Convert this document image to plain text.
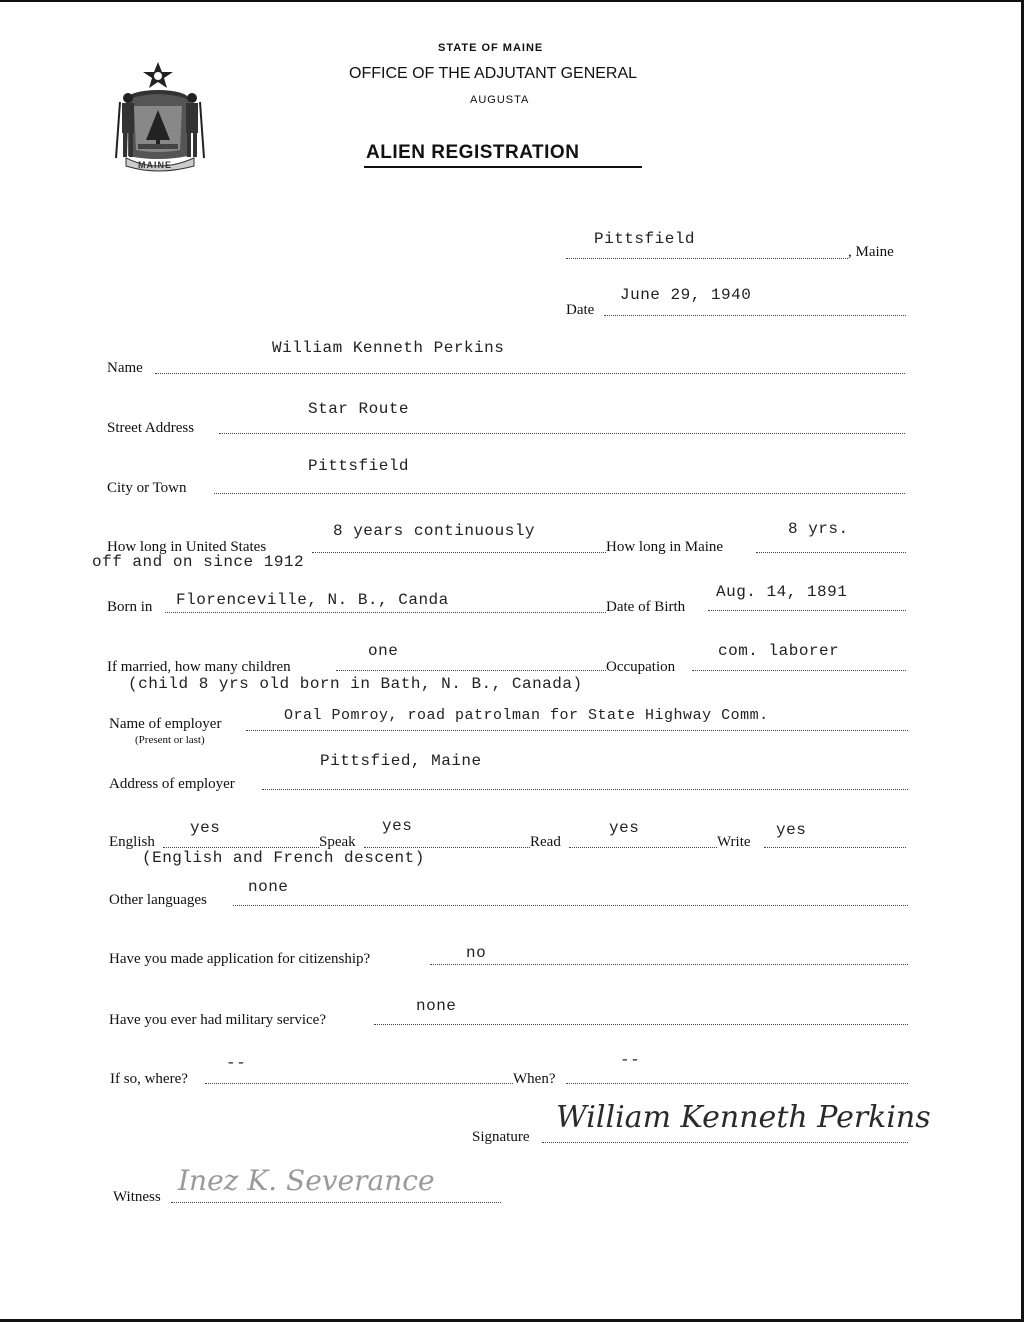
MAINE
STATE OF MAINE
OFFICE OF THE ADJUTANT GENERAL
AUGUSTA
ALIEN REGISTRATION
Pittsfield
, Maine
Date
June 29, 1940
William Kenneth Perkins
Name
Star Route
Street Address
Pittsfield
City or Town
8 years continuously
How long in United States
off and on since 1912
How long in Maine
8 yrs.
Born in Florenceville, N. B., Canda	Date of Birth
Aug. 14, 1891
one
If married, how many children
(child 8 yrs old born in Bath, N. B., Canada)
Occupation
com. laborer
Name of employer
(Present or last)
Oral Pomroy, road patrolman for State Highway Comm.
Pittsfied, Maine
Address of employer
English
yes
Speak
yes
Read
yes
Write
yes
(English and French descent)
none
Other languages
Have you made application for citizenship?	no
none
Have you ever had military service?
If so, where?
--
When?
--
Signature
William Kenneth Perkins
Witness Inez K. Severance
